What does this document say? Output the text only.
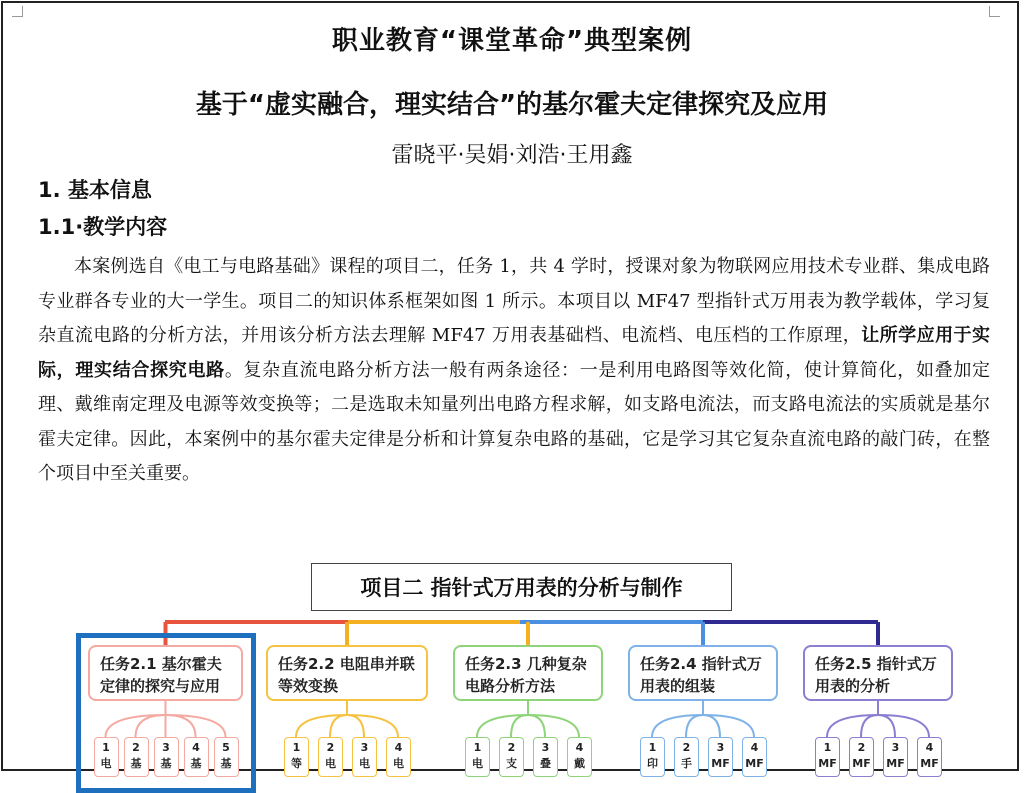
职业教育“课堂革命”典型案例
基于“虚实融合，理实结合”的基尔霍夫定律探究及应用
雷晓平·吴娟·刘浩·王用鑫
1. 基本信息
1.1·教学内容
本案例选自《电工与电路基础》课程的项目二，任务 1，共 4 学时，授课对象为物联网应用技术专业群、集成电路专业群各专业的大一学生。项目二的知识体系框架如图 1 所示。本项目以 MF47 型指针式万用表为教学载体，学习复杂直流电路的分析方法，并用该分析方法去理解 MF47 万用表基础档、电流档、电压档的工作原理，让所学应用于实际，理实结合探究电路。复杂直流电路分析方法一般有两条途径：一是利用电路图等效化简，使计算简化，如叠加定理、戴维南定理及电源等效变换等；二是选取未知量列出电路方程求解，如支路电流法，而支路电流法的实质就是基尔霍夫定律。因此，本案例中的基尔霍夫定律是分析和计算复杂电路的基础，它是学习其它复杂直流电路的敲门砖，在整个项目中至关重要。
项目二 指针式万用表的分析与制作
任务2.1 基尔霍夫
定律的探究与应用
1
电
2
基
3
基
4
基
5
基
任务2.2 电阻串并联
等效变换
1
等
2
电
3
电
4
电
任务2.3 几种复杂
电路分析方法
1
电
2
支
3
叠
4
戴
任务2.4 指针式万
用表的组装
1
印
2
手
3
MF
4
MF
任务2.5 指针式万
用表的分析
1
MF
2
MF
3
MF
4
MF
